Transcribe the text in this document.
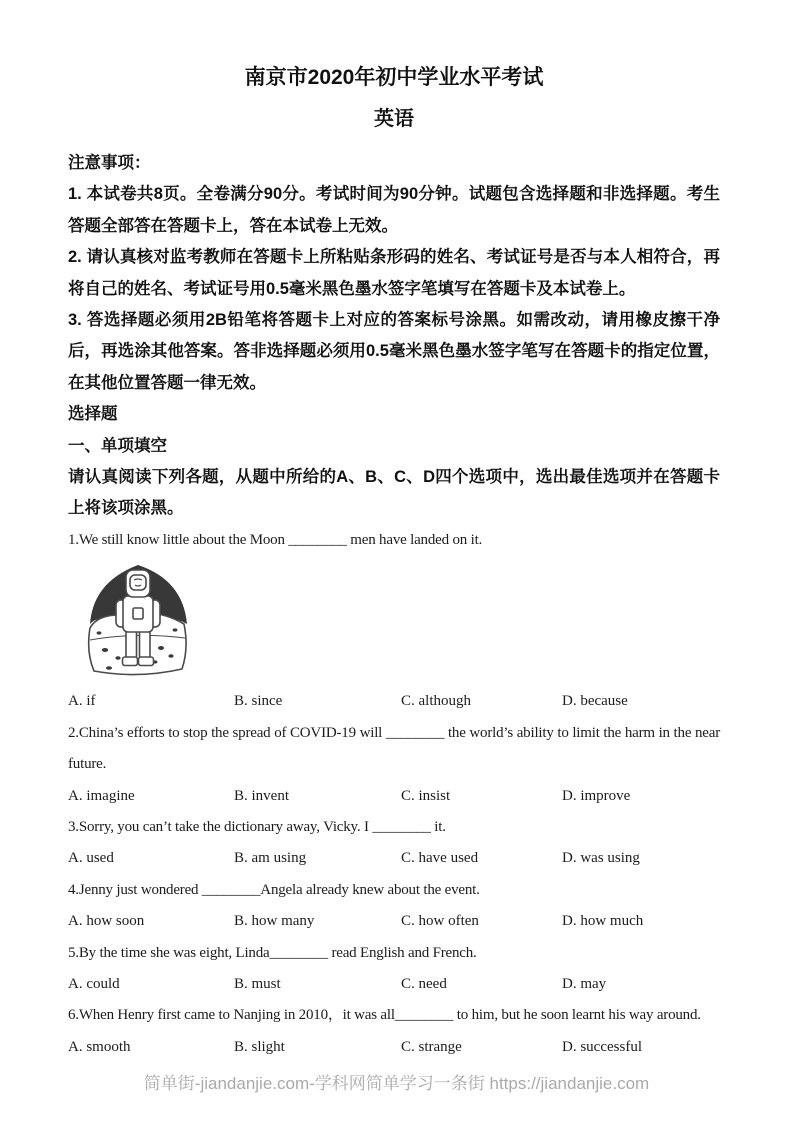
南京市2020年初中学业水平考试
英语

注意事项：

1. 本试卷共8页。全卷满分90分。考试时间为90分钟。试题包含选择题和非选择题。考生答题全部答在答题卡上，答在本试卷上无效。

2. 请认真核对监考教师在答题卡上所粘贴条形码的姓名、考试证号是否与本人相符合，再将自己的姓名、考试证号用0.5毫米黑色墨水签字笔填写在答题卡及本试卷上。

3. 答选择题必须用2B铅笔将答题卡上对应的答案标号涂黑。如需改动，请用橡皮擦干净后，再选涂其他答案。答非选择题必须用0.5毫米黑色墨水签字笔写在答题卡的指定位置，在其他位置答题一律无效。

选择题

一、单项填空

请认真阅读下列各题，从题中所给的A、B、C、D四个选项中，选出最佳选项并在答题卡上将该项涂黑。

1.We still know little about the Moon ________ men have landed on it.

A. if	B. since	C. although	D. because

2.China’s efforts to stop the spread of COVID-19 will ________ the world’s ability to limit the harm in the near future.

A. imagine	B. invent	C. insist	D. improve

3.Sorry, you can’t take the dictionary away, Vicky. I ________ it.

A. used	B. am using	C. have used	D. was using

4.Jenny just wondered ________Angela already knew about the event.

A. how soon	B. how many	C. how often	D. how much

5.By the time she was eight, Linda________ read English and French.

A. could	B. must	C. need	D. may

6.When Henry first came to Nanjing in 2010，it was all________ to him, but he soon learnt his way around.

A. smooth	B. slight	C. strange	D. successful
简单街-jiandanjie.com-学科网简单学习一条街 https://jiandanjie.com
